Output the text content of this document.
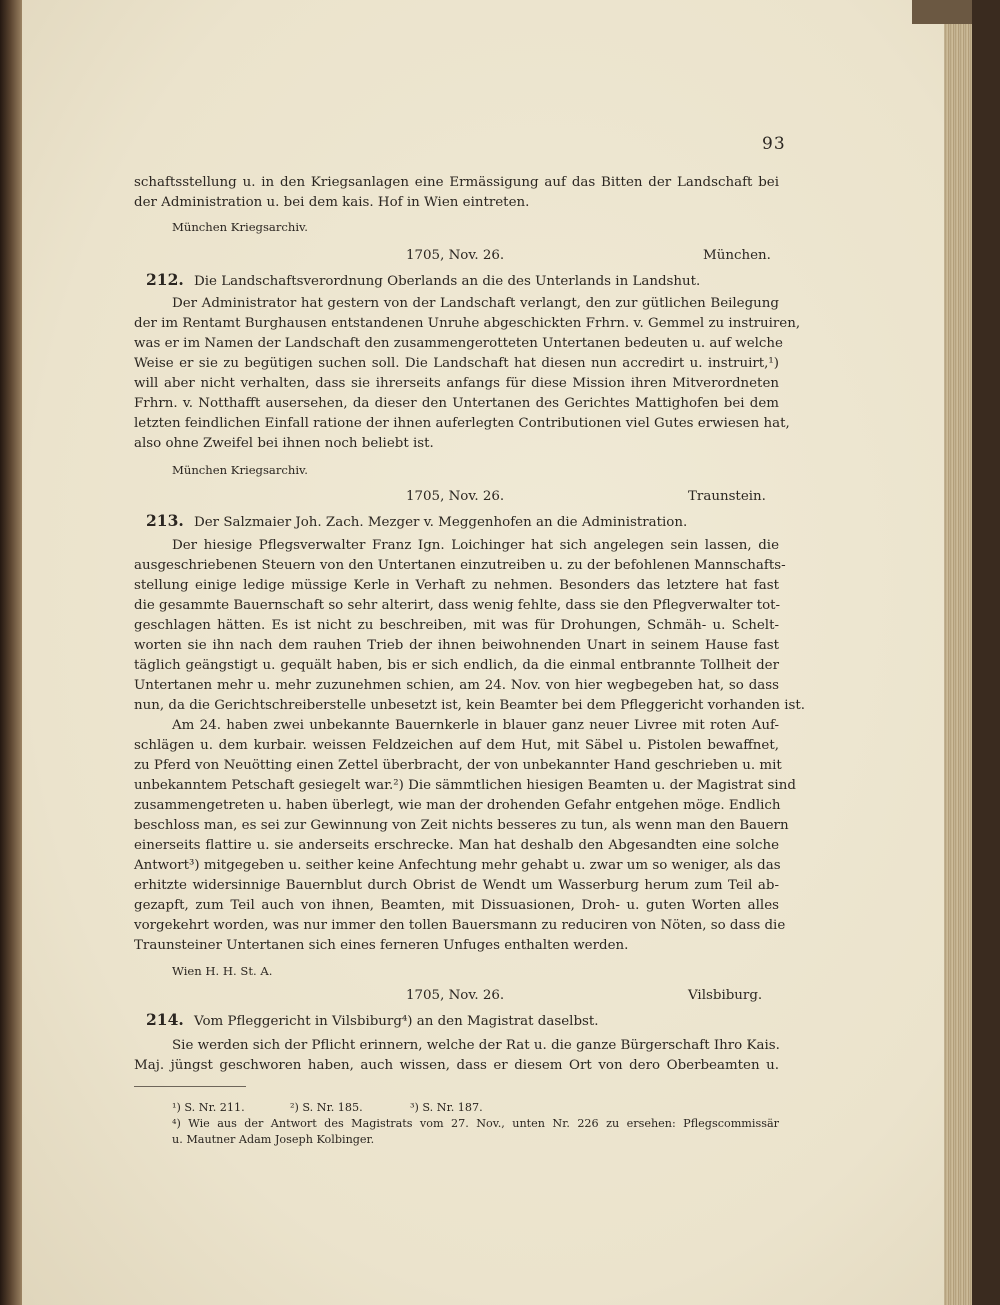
93
schaftsstellung u. in den Kriegsanlagen eine Ermässigung auf das Bitten der Landschaft bei
der Administration u. bei dem kais. Hof in Wien eintreten.
München Kriegsarchiv.
1705, Nov. 26.	München.
212. Die Landschaftsverordnung Oberlands an die des Unterlands in Landshut.
Der Administrator hat gestern von der Landschaft verlangt, den zur gütlichen Beilegung
der im Rentamt Burghausen entstandenen Unruhe abgeschickten Frhrn. v. Gemmel zu instruiren,
was er im Namen der Landschaft den zusammengerotteten Untertanen bedeuten u. auf welche
Weise er sie zu begütigen suchen soll. Die Landschaft hat diesen nun accredirt u. instruirt,¹)
will aber nicht verhalten, dass sie ihrerseits anfangs für diese Mission ihren Mitverordneten
Frhrn. v. Notthafft ausersehen, da dieser den Untertanen des Gerichtes Mattighofen bei dem
letzten feindlichen Einfall ratione der ihnen auferlegten Contributionen viel Gutes erwiesen hat,
also ohne Zweifel bei ihnen noch beliebt ist.
München Kriegsarchiv.
1705, Nov. 26.	Traunstein.
213. Der Salzmaier Joh. Zach. Mezger v. Meggenhofen an die Administration.
Der hiesige Pflegsverwalter Franz Ign. Loichinger hat sich angelegen sein lassen, die
ausgeschriebenen Steuern von den Untertanen einzutreiben u. zu der befohlenen Mannschafts-
stellung einige ledige müssige Kerle in Verhaft zu nehmen. Besonders das letztere hat fast
die gesammte Bauernschaft so sehr alterirt, dass wenig fehlte, dass sie den Pflegverwalter tot-
geschlagen hätten. Es ist nicht zu beschreiben, mit was für Drohungen, Schmäh- u. Schelt-
worten sie ihn nach dem rauhen Trieb der ihnen beiwohnenden Unart in seinem Hause fast
täglich geängstigt u. gequält haben, bis er sich endlich, da die einmal entbrannte Tollheit der
Untertanen mehr u. mehr zuzunehmen schien, am 24. Nov. von hier wegbegeben hat, so dass
nun, da die Gerichtschreiberstelle unbesetzt ist, kein Beamter bei dem Pfleggericht vorhanden ist.
Am 24. haben zwei unbekannte Bauernkerle in blauer ganz neuer Livree mit roten Auf-
schlägen u. dem kurbair. weissen Feldzeichen auf dem Hut, mit Säbel u. Pistolen bewaffnet,
zu Pferd von Neuötting einen Zettel überbracht, der von unbekannter Hand geschrieben u. mit
unbekanntem Petschaft gesiegelt war.²) Die sämmtlichen hiesigen Beamten u. der Magistrat sind
zusammengetreten u. haben überlegt, wie man der drohenden Gefahr entgehen möge. Endlich
beschloss man, es sei zur Gewinnung von Zeit nichts besseres zu tun, als wenn man den Bauern
einerseits flattire u. sie anderseits erschrecke. Man hat deshalb den Abgesandten eine solche
Antwort³) mitgegeben u. seither keine Anfechtung mehr gehabt u. zwar um so weniger, als das
erhitzte widersinnige Bauernblut durch Obrist de Wendt um Wasserburg herum zum Teil ab-
gezapft, zum Teil auch von ihnen, Beamten, mit Dissuasionen, Droh- u. guten Worten alles
vorgekehrt worden, was nur immer den tollen Bauersmann zu reduciren von Nöten, so dass die
Traunsteiner Untertanen sich eines ferneren Unfuges enthalten werden.
Wien H. H. St. A.
1705, Nov. 26.	Vilsbiburg.
214. Vom Pfleggericht in Vilsbiburg⁴) an den Magistrat daselbst.
Sie werden sich der Pflicht erinnern, welche der Rat u. die ganze Bürgerschaft Ihro Kais.
Maj. jüngst geschworen haben, auch wissen, dass er diesem Ort von dero Oberbeamten u.
¹) S. Nr. 211.	²) S. Nr. 185.	³) S. Nr. 187.
⁴) Wie aus der Antwort des Magistrats vom 27. Nov., unten Nr. 226 zu ersehen: Pflegscommissär
u. Mautner Adam Joseph Kolbinger.
